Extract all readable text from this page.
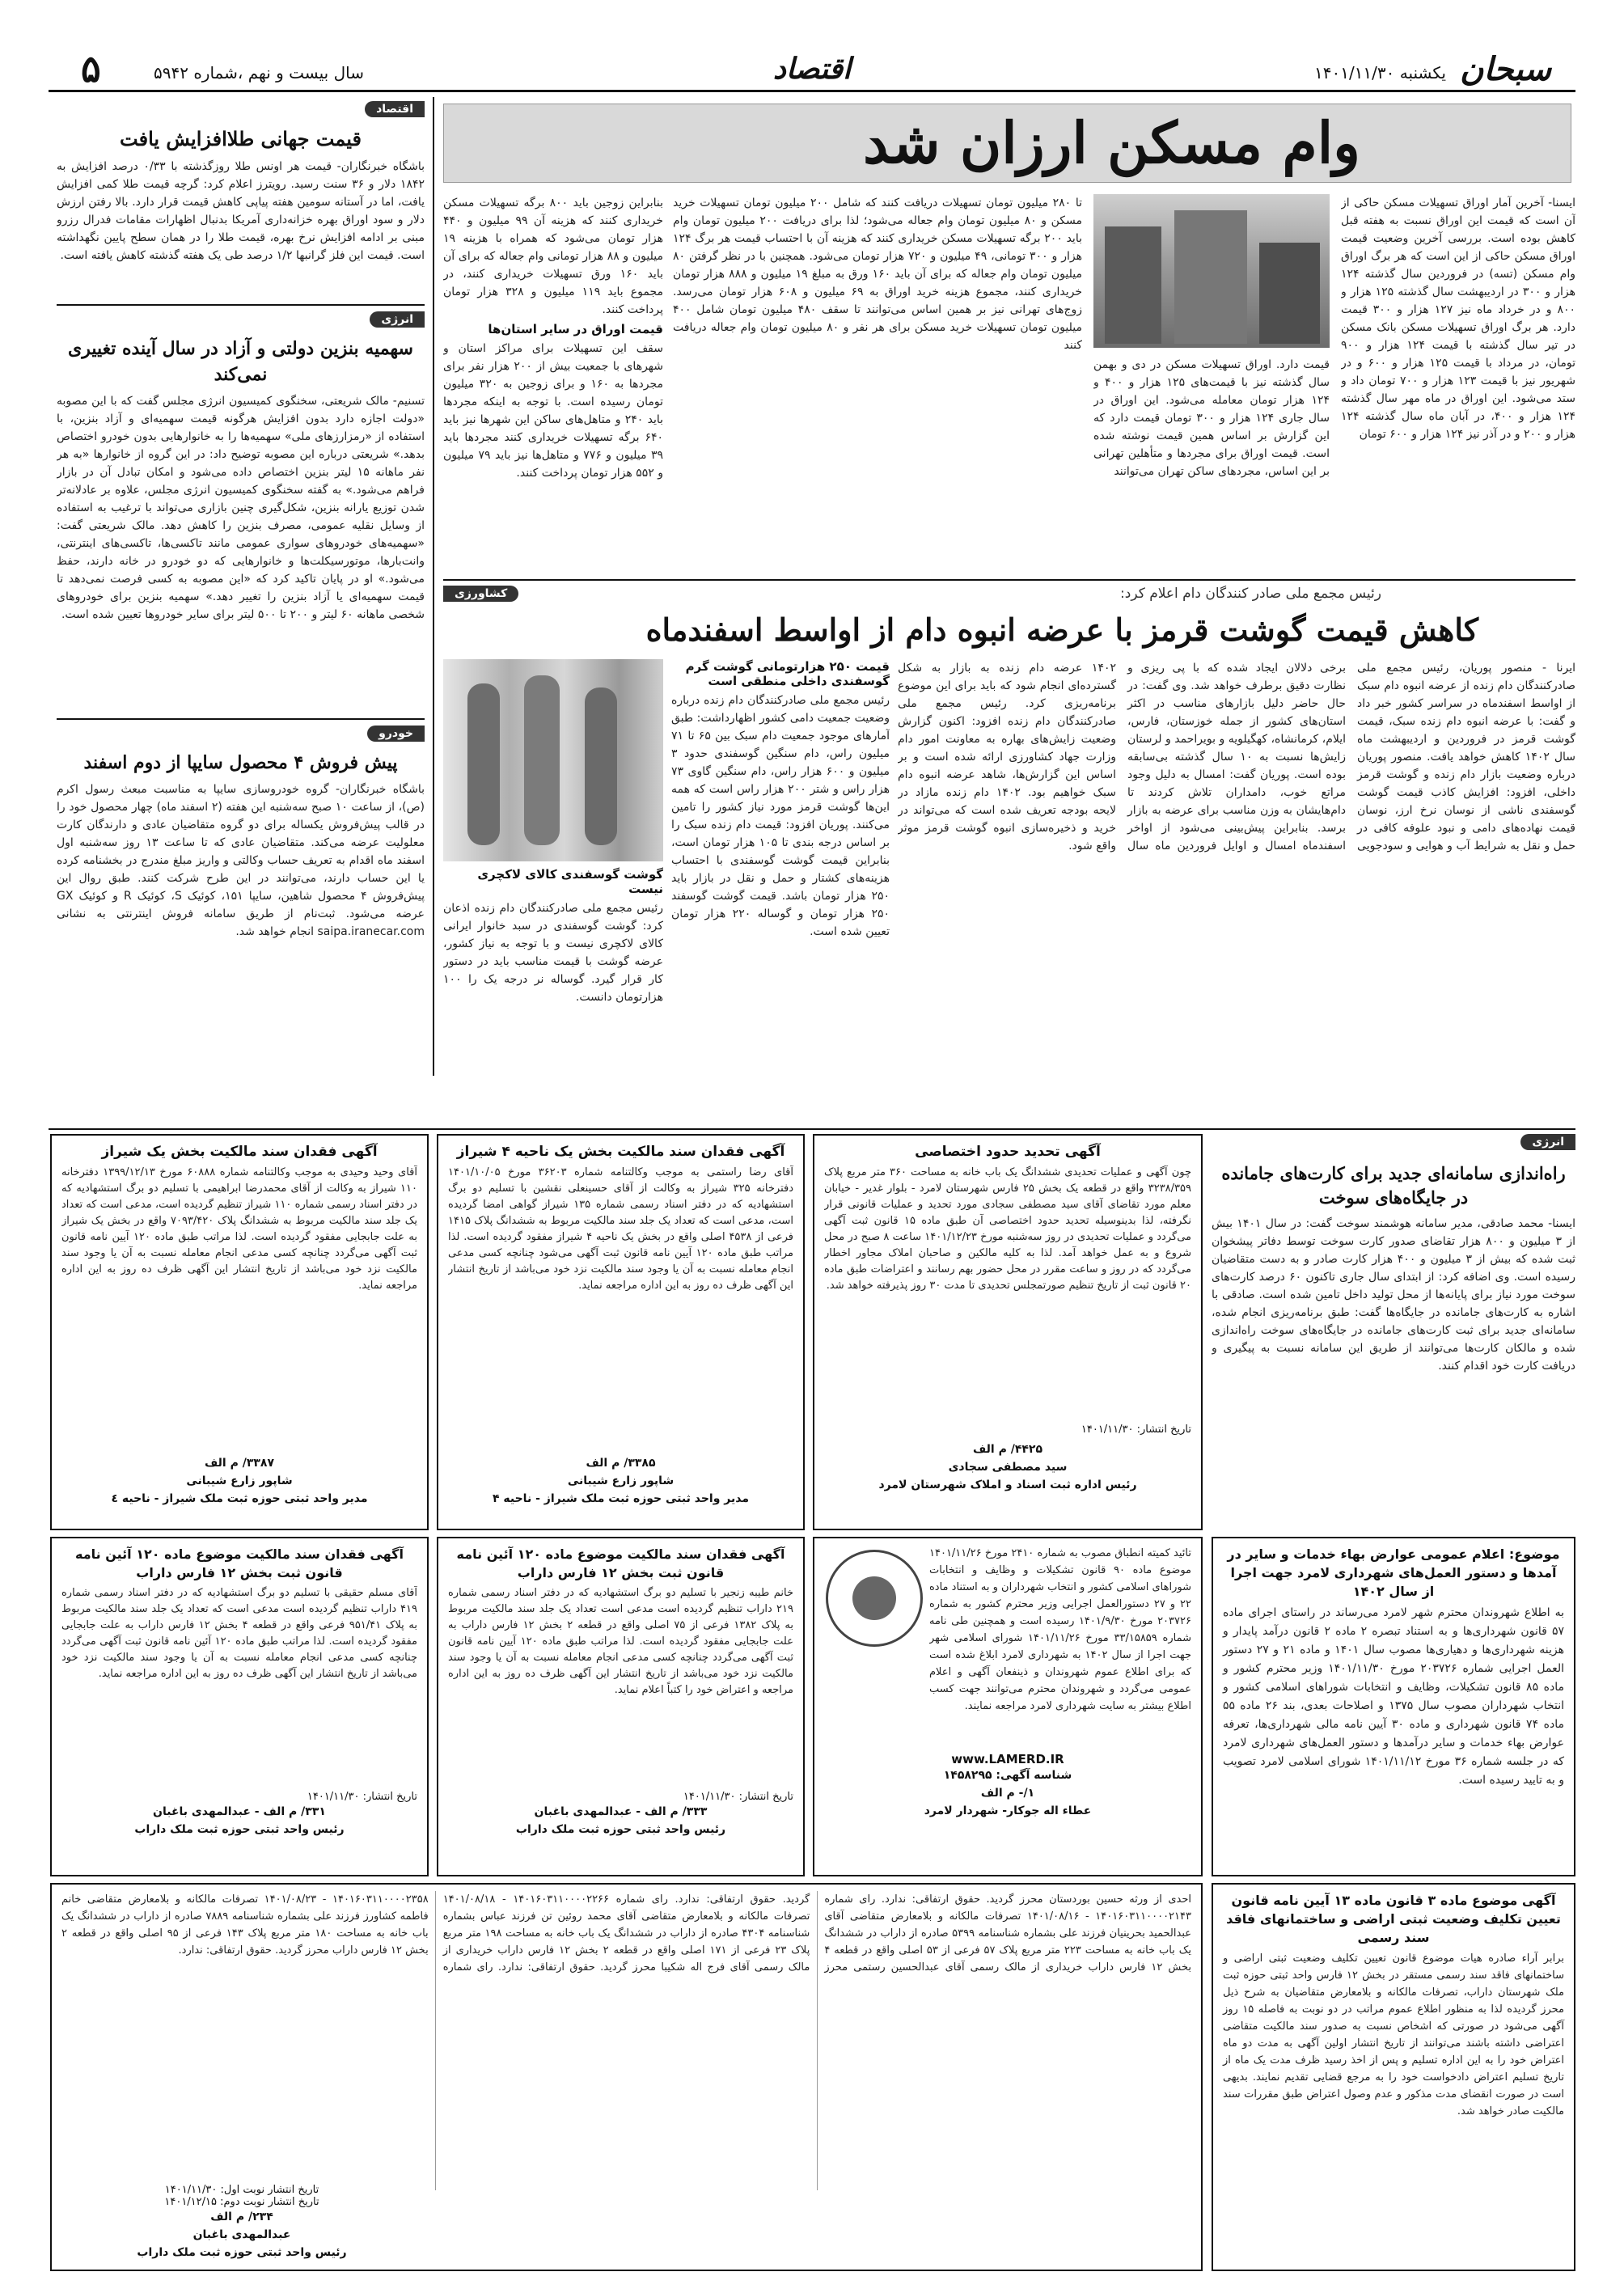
سبحان
یکشنبه ۱۴۰۱/۱۱/۳۰
اقتصاد
سال بیست و نهم ،شماره ۵۹۴۲
۵
اقتصاد
قیمت جهانی طلاافزایش یافت
باشگاه خبرنگاران- قیمت هر اونس طلا روزگذشته با ۰/۳۳ درصد افزایش به ۱۸۴۲ دلار و ۳۶ سنت رسید. رویترز اعلام کرد: گرچه قیمت طلا کمی افزایش یافت، اما در آستانه سومین هفته پیاپی کاهش قیمت قرار دارد. بالا رفتن ارزش دلار و سود اوراق بهره خزانه‌داری آمریکا بدنبال اظهارات مقامات فدرال رزرو مبنی بر ادامه افزایش نرخ بهره، قیمت طلا را در همان سطح پایین نگهداشته است. قیمت این فلز گرانبها ۱/۲ درصد طی یک هفته گذشته کاهش یافته است.
انرژی
سهمیه بنزین دولتی و آزاد در سال آینده تغییری نمی‌کند
تسنیم- مالک شریعتی، سخنگوی کمیسیون انرژی مجلس گفت که با این مصوبه «دولت اجازه دارد بدون افزایش هرگونه قیمت سهمیه‌ای و آزاد بنزین، با استفاده از «رمزارزهای ملی» سهمیه‌ها را به خانوارهایی بدون خودرو اختصاص بدهد.» شریعتی درباره این مصوبه توضیح داد: در این گروه از خانوارها «به هر نفر ماهانه ۱۵ لیتر بنزین اختصاص داده می‌شود و امکان تبادل آن در بازار فراهم می‌شود.» به گفته سخنگوی کمیسیون انرژی مجلس، علاوه بر عادلانه‌تر شدن توزیع یارانه بنزین، شکل‌گیری چنین بازاری می‌تواند با ترغیب به استفاده از وسایل نقلیه عمومی، مصرف بنزین را کاهش دهد. مالک شریعتی گفت: «سهمیه‌های خودروهای سواری عمومی مانند تاکسی‌ها، تاکسی‌های اینترنتی، وانت‌بارها، موتورسیکلت‌ها و خانوارهایی که دو خودرو در خانه دارند، حفظ می‌شود.» او در پایان تاکید کرد که «این مصوبه به کسی فرصت نمی‌دهد تا قیمت سهمیه‌ای یا آزاد بنزین را تغییر دهد.» سهمیه بنزین برای خودروهای شخصی ماهانه ۶۰ لیتر و ۲۰۰ تا ۵۰۰ لیتر برای سایر خودروها تعیین شده است.
خودرو
پیش فروش ۴ محصول سایپا از دوم اسفند
باشگاه خبرنگاران- گروه خودروسازی سایپا به مناسبت مبعث رسول اکرم (ص)، از ساعت ۱۰ صبح سه‌شنبه این هفته (۲ اسفند ماه) چهار محصول خود را در قالب پیش‌فروش یکساله برای دو گروه متقاضیان عادی و دارندگان کارت معلولیت عرضه می‌کند. متقاضیان عادی که تا ساعت ۱۳ روز سه‌شنبه اول اسفند ماه اقدام به تعریف حساب وکالتی و واریز مبلغ مندرج در بخشنامه کرده یا این حساب دارند، می‌توانند در این طرح شرکت کنند. طبق روال این پیش‌فروش ۴ محصول شاهین، سایپا ۱۵۱، کوئیک S، کوئیک R و کوئیک GX عرضه می‌شود. ثبت‌نام از طریق سامانه فروش اینترنتی به نشانی saipa.iranecar.com انجام خواهد شد.
وام مسکن ارزان شد
ایسنا- آخرین آمار اوراق تسهیلات مسکن حاکی از آن است که قیمت این اوراق نسبت به هفته قبل کاهش بوده است. بررسی آخرین وضعیت قیمت اوراق مسکن حاکی از این است که هر برگ اوراق وام مسکن (تسه) در فروردین سال گذشته ۱۲۴ هزار و ۳۰۰ در اردیبهشت سال گذشته ۱۲۵ هزار و ۸۰۰ و در خرداد ماه نیز ۱۲۷ هزار و ۳۰۰ قیمت دارد. هر برگ اوراق تسهیلات مسکن بانک مسکن در تیر سال گذشته با قیمت ۱۲۴ هزار و ۹۰۰ تومان، در مرداد با قیمت ۱۲۵ هزار و ۶۰۰ و در شهریور نیز با قیمت ۱۲۳ هزار و ۷۰۰ تومان داد و ستد می‌شود. این اوراق در ماه مهر سال گذشته ۱۲۴ هزار و ۴۰۰، در آبان ماه سال گذشته ۱۲۴ هزار و ۲۰۰ و در آذر نیز ۱۲۴ هزار و ۶۰۰ تومان
قیمت دارد. اوراق تسهیلات مسکن در دی و بهمن سال گذشته نیز با قیمت‌های ۱۲۵ هزار و ۴۰۰ و ۱۲۴ هزار تومان معامله می‌شود. این اوراق در سال جاری ۱۲۴ هزار و ۳۰۰ تومان قیمت دارد که این گزارش بر اساس همین قیمت نوشته شده است. قیمت اوراق برای مجردها و متأهلین تهرانی بر این اساس، مجردهای ساکن تهران می‌توانند
تا ۲۸۰ میلیون تومان تسهیلات دریافت کنند که شامل ۲۰۰ میلیون تومان تسهیلات خرید مسکن و ۸۰ میلیون تومان وام جعاله می‌شود؛ لذا برای دریافت ۲۰۰ میلیون تومان وام باید ۲۰۰ برگه تسهیلات مسکن خریداری کنند که هزینه آن با احتساب قیمت هر برگ ۱۲۴ هزار و ۳۰۰ تومانی، ۴۹ میلیون و ۷۲۰ هزار تومان می‌شود. همچنین با در نظر گرفتن ۸۰ میلیون تومان وام جعاله که برای آن باید ۱۶۰ ورق به مبلغ ۱۹ میلیون و ۸۸۸ هزار تومان خریداری کنند، مجموع هزینه خرید اوراق به ۶۹ میلیون و ۶۰۸ هزار تومان می‌رسد. زوج‌های تهرانی نیز بر همین اساس می‌توانند تا سقف ۴۸۰ میلیون تومان شامل ۴۰۰ میلیون تومان تسهیلات خرید مسکن برای هر نفر و ۸۰ میلیون تومان وام جعاله دریافت کنند
بنابراین زوجین باید ۸۰۰ برگه تسهیلات مسکن خریداری کنند که هزینه آن ۹۹ میلیون و ۴۴۰ هزار تومان می‌شود که همراه با هزینه ۱۹ میلیون و ۸۸ هزار تومانی وام جعاله که برای آن باید ۱۶۰ ورق تسهیلات خریداری کنند، در مجموع باید ۱۱۹ میلیون و ۳۲۸ هزار تومان پرداخت کنند.
قیمت اوراق در سایر استان‌ها
سقف این تسهیلات برای مراکز استان و شهرهای با جمعیت بیش از ۲۰۰ هزار نفر برای مجردها به ۱۶۰ و برای زوجین به ۳۲۰ میلیون تومان رسیده است. با توجه به اینکه مجردها باید ۲۴۰ و متاهل‌های ساکن این شهرها نیز باید ۶۴۰ برگه تسهیلات خریداری کنند مجردها باید ۳۹ میلیون و ۷۷۶ و متاهل‌ها نیز باید ۷۹ میلیون و ۵۵۲ هزار تومان پرداخت کنند.
کشاورزی	رئیس مجمع ملی صادر کنندگان دام اعلام کرد:
کاهش قیمت گوشت قرمز با عرضه انبوه دام از اواسط اسفندماه
ایرنا - منصور پوریان، رئیس مجمع ملی صادرکنندگان دام زنده از عرضه انبوه دام سبک از اواسط اسفندماه در سراسر کشور خبر داد و گفت: با عرضه انبوه دام زنده سبک، قیمت گوشت قرمز در فروردین و اردیبهشت ماه سال ۱۴۰۲ کاهش خواهد یافت. منصور پوریان درباره وضعیت بازار دام زنده و گوشت قرمز داخلی، افزود: افزایش کاذب قیمت گوشت گوسفندی ناشی از نوسان نرخ ارز، نوسان قیمت نهاده‌های دامی و نبود علوفه کافی در حمل و نقل به شرایط آب و هوایی و سودجویی برخی دلالان ایجاد شده که با پی ریزی و نظارت دقیق برطرف خواهد شد. وی گفت: در حال حاضر دلیل بازارهای مناسب در اکثر استان‌های کشور از جمله خوزستان، فارس، ایلام، کرمانشاه، کهگیلویه و بویراحمد و لرستان زایش‌ها نسبت به ۱۰ سال گذشته بی‌سابقه بوده است. پوریان گفت: امسال به دلیل وجود مراتع خوب، دامداران تلاش کردند تا دام‌هایشان به وزن مناسب برای عرضه به بازار برسد. بنابراین پیش‌بینی می‌شود از اواخر اسفندماه امسال و اوایل فروردین ماه سال ۱۴۰۲ عرضه دام زنده به بازار به شکل گسترده‌ای انجام شود که باید برای این موضوع برنامه‌ریزی کرد. رئیس مجمع ملی صادرکنندگان دام زنده افزود: اکنون گزارش وضعیت زایش‌های بهاره به معاونت امور دام وزارت جهاد کشاورزی ارائه شده است و بر اساس این گزارش‌ها، شاهد عرضه انبوه دام سبک خواهیم بود. ۱۴۰۲ دام زنده مازاد در لایحه بودجه تعریف شده است که می‌تواند در خرید و ذخیره‌سازی انبوه گوشت قرمز موثر واقع شود.
قیمت ۲۵۰ هزارتومانی گوشت گرم گوسفندی داخلی منطقی است
رئیس مجمع ملی صادرکنندگان دام زنده درباره وضعیت جمعیت دامی کشور اظهارداشت: طبق آمارهای موجود جمعیت دام سبک بین ۶۵ تا ۷۱ میلیون راس، دام سنگین گوسفندی حدود ۳ میلیون و ۶۰۰ هزار راس، دام سنگین گاوی ۷۳ هزار راس و شتر ۲۰۰ هزار راس است که همه این‌ها گوشت قرمز مورد نیاز کشور را تامین می‌کنند. پوریان افزود: قیمت دام زنده سبک را بر اساس درجه بندی تا ۱۰۵ هزار تومان است، بنابراین قیمت گوشت گوسفندی با احتساب هزینه‌های کشتار و حمل و نقل در بازار باید ۲۵۰ هزار تومان باشد. قیمت گوشت گوسفند ۲۵۰ هزار تومان و گوساله ۲۲۰ هزار تومان تعیین شده است.
گوشت گوسفندی کالای لاکچری نیست
رئیس مجمع ملی صادرکنندگان دام زنده اذعان کرد: گوشت گوسفندی در سبد خانوار ایرانی کالای لاکچری نیست و با توجه به نیاز کشور، عرضه گوشت با قیمت مناسب باید در دستور کار قرار گیرد. گوساله نر درجه یک را ۱۰۰ هزارتومان دانست.
انرژی
راه‌اندازی سامانه‌ای جدید برای کارت‌های جامانده در جایگاه‌های سوخت
ایسنا- محمد صادقی، مدیر سامانه هوشمند سوخت گفت: در سال ۱۴۰۱ بیش از ۳ میلیون و ۸۰۰ هزار تقاضای صدور کارت سوخت توسط دفاتر پیشخوان ثبت شده که بیش از ۳ میلیون و ۴۰۰ هزار کارت صادر و به دست متقاضیان رسیده است. وی اضافه کرد: از ابتدای سال جاری تاکنون ۶۰ درصد کارت‌های سوخت مورد نیاز برای پایانه‌ها از محل تولید داخل تامین شده است. صادقی با اشاره به کارت‌های جامانده در جایگاه‌ها گفت: طبق برنامه‌ریزی انجام شده، سامانه‌ای جدید برای ثبت کارت‌های جامانده در جایگاه‌های سوخت راه‌اندازی شده و مالکان کارت‌ها می‌توانند از طریق این سامانه نسبت به پیگیری و دریافت کارت خود اقدام کنند.
آگهی تحدید حدود اختصاصی
چون آگهی و عملیات تحدیدی ششدانگ یک باب خانه به مساحت ۳۶۰ متر مربع پلاک ۳۲۳۸/۳۵۹ واقع در قطعه یک بخش ۲۵ فارس شهرستان لامرد - بلوار غدیر - خیابان معلم مورد تقاضای آقای سید مصطفی سجادی مورد تحدید و عملیات قانونی قرار نگرفته، لذا بدینوسیله تحدید حدود اختصاصی آن طبق ماده ۱۵ قانون ثبت آگهی می‌گردد و عملیات تحدیدی در روز سه‌شنبه مورخ ۱۴۰۱/۱۲/۲۳ ساعت ۸ صبح در محل شروع و به عمل خواهد آمد. لذا به کلیه مالکین و صاحبان املاک مجاور اخطار می‌گردد که در روز و ساعت مقرر در محل حضور بهم رسانند و اعتراضات طبق ماده ۲۰ قانون ثبت از تاریخ تنظیم صورتمجلس تحدیدی تا مدت ۳۰ روز پذیرفته خواهد شد.
تاریخ انتشار: ۱۴۰۱/۱۱/۳۰
۴۴۲۵/ م الف
سید مصطفی سجادی
رئیس اداره ثبت اسناد و املاک شهرستان لامرد
آگهی فقدان سند مالکیت بخش یک ناحیه ۴ شیراز
آقای رضا راستمی به موجب وکالتنامه شماره ۳۶۲۰۳ مورخ ۱۴۰۱/۱۰/۰۵ دفترخانه ۳۲۵ شیراز به وکالت از آقای حسینعلی نقشین با تسلیم دو برگ استشهادیه که در دفتر اسناد رسمی شماره ۱۳۵ شیراز گواهی امضا گردیده است، مدعی است که تعداد یک جلد سند مالکیت مربوط به ششدانگ پلاک ۱۴۱۵ فرعی از ۴۵۳۸ اصلی واقع در بخش یک ناحیه ۴ شیراز مفقود گردیده است. لذا مراتب طبق ماده ۱۲۰ آیین نامه قانون ثبت آگهی می‌شود چنانچه کسی مدعی انجام معامله نسبت به آن یا وجود سند مالکیت نزد خود می‌باشد از تاریخ انتشار این آگهی ظرف ده روز به این اداره مراجعه نماید.
۳۳۸۵/ م الف
شاپور زارع شیبانی
مدیر واحد ثبتی حوزه ثبت ملک شیراز - ناحیه ۴
آگهی فقدان سند مالکیت بخش یک شیراز
آقای وحید وحیدی به موجب وکالتنامه شماره ۶۰۸۸۸ مورخ ۱۳۹۹/۱۲/۱۳ دفترخانه ۱۱۰ شیراز به وکالت از آقای محمدرضا ابراهیمی با تسلیم دو برگ استشهادیه که در دفتر اسناد رسمی شماره ۱۱۰ شیراز تنظیم گردیده است، مدعی است که تعداد یک جلد سند مالکیت مربوط به ششدانگ پلاک ۷۰۹۳/۴۲۰ واقع در بخش یک شیراز به علت جابجایی مفقود گردیده است. لذا مراتب طبق ماده ۱۲۰ آیین نامه قانون ثبت آگهی می‌گردد چنانچه کسی مدعی انجام معامله نسبت به آن یا وجود سند مالکیت نزد خود می‌باشد از تاریخ انتشار این آگهی ظرف ده روز به این اداره مراجعه نماید.
۳۳۸۷/ م الف
شاپور زارع شیبانی
مدیر واحد ثبتی حوزه ثبت ملک شیراز - ناحیه ٤
موضوع: اعلام عمومی عوارض بهاء خدمات و سایر در آمدها و دستور العمل‌های شهرداری لامرد جهت اجرا از سال ۱۴۰۲
به اطلاع شهروندان محترم شهر لامرد می‌رساند در راستای اجرای ماده ۵۷ قانون شهرداری‌ها و به استناد تبصره ۲ ماده ۲ قانون درآمد پایدار و هزینه شهرداری‌ها و دهیاری‌ها مصوب سال ۱۴۰۱ و ماده ۲۱ و ۲۷ دستور العمل اجرایی شماره ۲۰۳۷۲۶ مورخ ۱۴۰۱/۱۱/۳۰ وزیر محترم کشور و ماده ۸۵ قانون تشکیلات، وظایف و انتخابات شوراهای اسلامی کشور و انتخاب شهرداران مصوب سال ۱۳۷۵ و اصلاحات بعدی، بند ۲۶ ماده ۵۵ ماده ۷۴ قانون شهرداری و ماده ۳۰ آیین نامه مالی شهرداری‌ها، تعرفه عوارض بهاء خدمات و سایر درآمدها و دستور العمل‌های شهرداری لامرد که در جلسه شماره ۳۶ مورخ ۱۴۰۱/۱۱/۱۲ شورای اسلامی لامرد تصویب و به تایید رسیده است.
تائید کمیته انطباق مصوب به شماره ۲۴۱۰ مورخ ۱۴۰۱/۱۱/۲۶ موضوع ماده ۹۰ قانون تشکیلات و وظایف و انتخابات شوراهای اسلامی کشور و انتخاب شهرداران و به استناد ماده ۲۲ و ۲۷ دستورالعمل اجرایی وزیر محترم کشور به شماره ۲۰۳۷۲۶ مورخ ۱۴۰۱/۹/۳۰ رسیده است و همچنین طی نامه شماره ۳۳/۱۵۸۵۹ مورخ ۱۴۰۱/۱۱/۲۶ شورای اسلامی شهر جهت اجرا از سال ۱۴۰۲ به شهرداری لامرد ابلاغ شده است که برای اطلاع عموم شهروندان و ذینفعان آگهی و اعلام عمومی می‌گردد و شهروندان محترم می‌توانند جهت کسب اطلاع بیشتر به سایت شهرداری لامرد مراجعه نمایند.
www.LAMERD.IR
شناسه آگهی: ۱۴۵۸۲۹۵
۱/- م الف
عطاء اله جوکار- شهردار لامرد
آگهی فقدان سند مالکیت موضوع ماده ۱۲۰ آئین نامه قانون ثبت بخش ۱۲ فارس داراب
خانم طیبه زنجیر با تسلیم دو برگ استشهادیه که در دفتر اسناد رسمی شماره ۲۱۹ داراب تنظیم گردیده است مدعی است تعداد یک جلد سند مالکیت مربوط به پلاک ۱۳۸۲ فرعی از ۷۵ اصلی واقع در قطعه ۲ بخش ۱۲ فارس داراب به علت جابجایی مفقود گردیده است. لذا مراتب طبق ماده ۱۲۰ آیین نامه قانون ثبت آگهی می‌گردد چنانچه کسی مدعی انجام معامله نسبت به آن یا وجود سند مالکیت نزد خود می‌باشد از تاریخ انتشار این آگهی ظرف ده روز به این اداره مراجعه و اعتراض خود را کتباً اعلام نماید.
تاریخ انتشار: ۱۴۰۱/۱۱/۳۰
۳۳۳/ م الف - عبدالمهدی باغبان
رئیس واحد ثبتی حوزه ثبت ملک داراب
آگهی فقدان سند مالکیت موضوع ماده ۱۲۰ آئین نامه قانون ثبت بخش ۱۲ فارس داراب
آقای مسلم حقیقی با تسلیم دو برگ استشهادیه که در دفتر اسناد رسمی شماره ۴۱۹ داراب تنظیم گردیده است مدعی است که تعداد یک جلد سند مالکیت مربوط به پلاک ۹۵۱/۴۱ فرعی واقع در قطعه ۴ بخش ۱۲ فارس داراب به علت جابجایی مفقود گردیده است. لذا مراتب طبق ماده ۱۲۰ آئین نامه قانون ثبت آگهی می‌گردد چنانچه کسی مدعی انجام معامله نسبت به آن یا وجود سند مالکیت نزد خود می‌باشد از تاریخ انتشار این آگهی ظرف ده روز به این اداره مراجعه نماید.
تاریخ انتشار: ۱۴۰۱/۱۱/۳۰
۳۳۱/ م الف - عبدالمهدی باغبان
رئیس واحد ثبتی حوزه ثبت ملک داراب
آگهی موضوع ماده ۳ قانون ماده ۱۳ آیین نامه قانون تعیین تکلیف وضعیت ثبتی اراضی و ساختمانهای فاقد سند رسمی
برابر آراء صادره هیات موضوع قانون تعیین تکلیف وضعیت ثبتی اراضی و ساختمانهای فاقد سند رسمی مستقر در بخش ۱۲ فارس واحد ثبتی حوزه ثبت ملک شهرستان داراب، تصرفات مالکانه و بلامعارض متقاضیان به شرح ذیل محرز گردیده لذا به منظور اطلاع عموم مراتب در دو نوبت به فاصله ۱۵ روز آگهی می‌شود در صورتی که اشخاص نسبت به صدور سند مالکیت متقاضی اعتراضی داشته باشند می‌توانند از تاریخ انتشار اولین آگهی به مدت دو ماه اعتراض خود را به این اداره تسلیم و پس از اخذ رسید ظرف مدت یک ماه از تاریخ تسلیم اعتراض دادخواست خود را به مرجع قضایی تقدیم نمایند. بدیهی است در صورت انقضای مدت مذکور و عدم وصول اعتراض طبق مقررات سند مالکیت صادر خواهد شد.
احدی از ورثه حسین بوردستان محرز گردید. حقوق ارتفاقی: ندارد. رای شماره ۱۴۰۱۶۰۳۱۱۰۰۰۰۲۱۴۳ - ۱۴۰۱/۰۸/۱۶ تصرفات مالکانه و بلامعارض متقاضی آقای عبدالحمید بحرینیان فرزند علی بشماره شناسنامه ۵۳۹۹ صادره از داراب در ششدانگ یک باب خانه به مساحت ۲۲۳ متر مربع پلاک ۵۷ فرعی از ۵۳ اصلی واقع در قطعه ۴ بخش ۱۲ فارس داراب خریداری از مالک رسمی آقای عبدالحسین رستمی محرز گردید. حقوق ارتفاقی: ندارد. رای شماره ۱۴۰۱۶۰۳۱۱۰۰۰۰۲۲۶۶ - ۱۴۰۱/۰۸/۱۸ تصرفات مالکانه و بلامعارض متقاضی آقای محمد روئین تن فرزند عباس بشماره شناسنامه ۴۳۰۴ صادره از داراب در ششدانگ یک باب خانه به مساحت ۱۹۸ متر مربع پلاک ۲۳ فرعی از ۱۷۱ اصلی واقع در قطعه ۲ بخش ۱۲ فارس داراب خریداری از مالک رسمی آقای فرج اله شکیبا محرز گردید. حقوق ارتفاقی: ندارد. رای شماره ۱۴۰۱۶۰۳۱۱۰۰۰۰۲۳۵۸ - ۱۴۰۱/۰۸/۲۳ تصرفات مالکانه و بلامعارض متقاضی خانم فاطمه کشاورز فرزند علی بشماره شناسنامه ۷۸۸۹ صادره از داراب در ششدانگ یک باب خانه به مساحت ۱۸۰ متر مربع پلاک ۱۴۳ فرعی از ۹۵ اصلی واقع در قطعه ۲ بخش ۱۲ فارس داراب محرز گردید. حقوق ارتفاقی: ندارد.
تاریخ انتشار نوبت اول: ۱۴۰۱/۱۱/۳۰
تاریخ انتشار نوبت دوم: ۱۴۰۱/۱۲/۱۵
۲۳۴/ م الف
عبدالمهدی باغبان
رئیس واحد ثبتی حوزه ثبت ملک داراب
